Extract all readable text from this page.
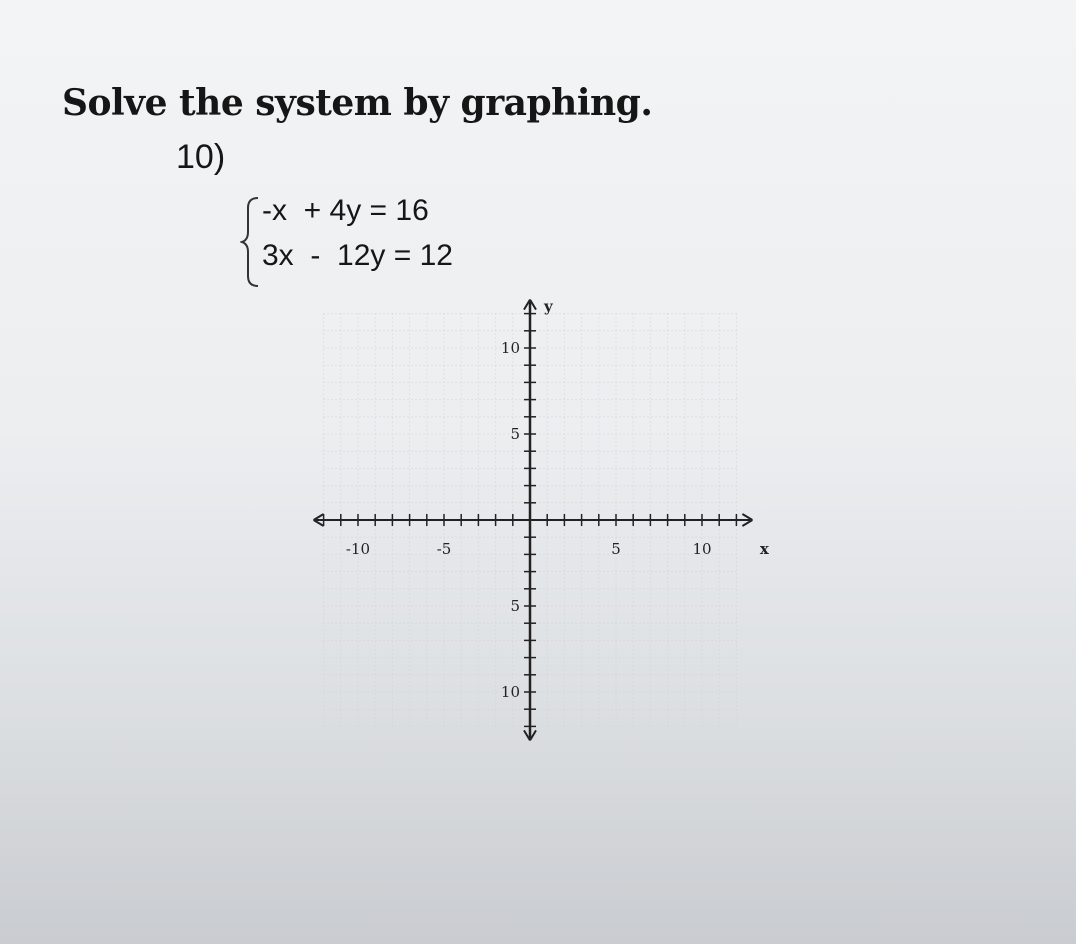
Solve the system by graphing.
10)
-x  + 4y = 16
3x  -  12y = 12
-10	-5	5	10
10
5
5
10
x
y
